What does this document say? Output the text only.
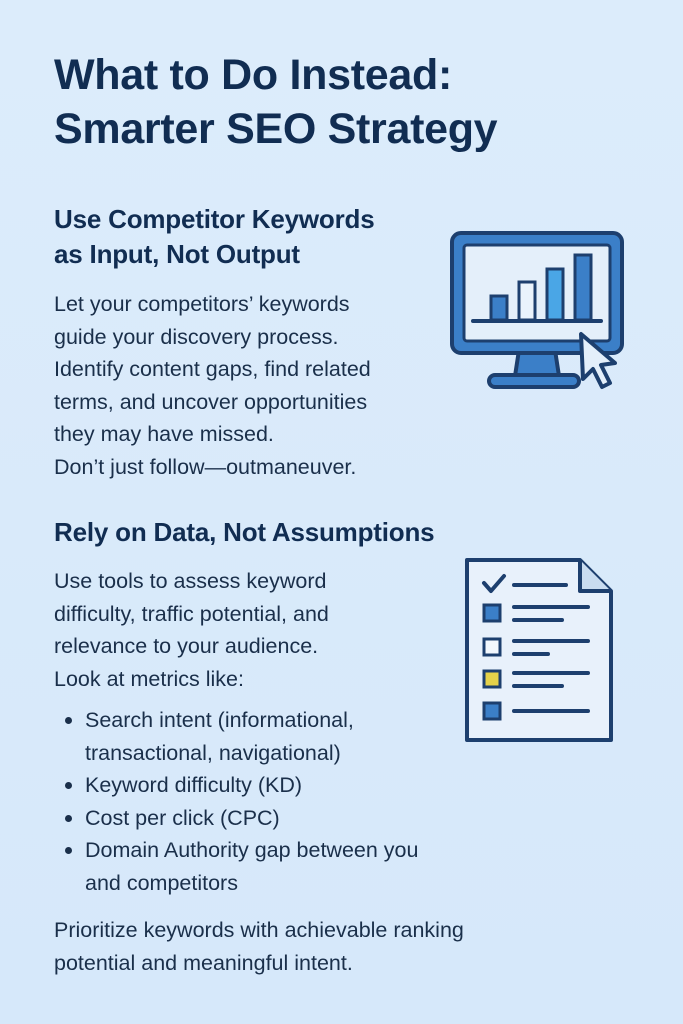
What to Do Instead:
Smarter SEO Strategy
Use Competitor Keywords
as Input, Not Output

Let your competitors’ keywords
guide your discovery process.
Identify content gaps, find related
terms, and uncover opportunities
they may have missed.
Don’t just follow—outmaneuver.

Rely on Data, Not Assumptions

Use tools to assess keyword
difficulty, traffic potential, and
relevance to your audience.
Look at metrics like:

Search intent (informational,
transactional, navigational)
Keyword difficulty (KD)
Cost per click (CPC)
Domain Authority gap between you
and competitors

Prioritize keywords with achievable ranking
potential and meaningful intent.
